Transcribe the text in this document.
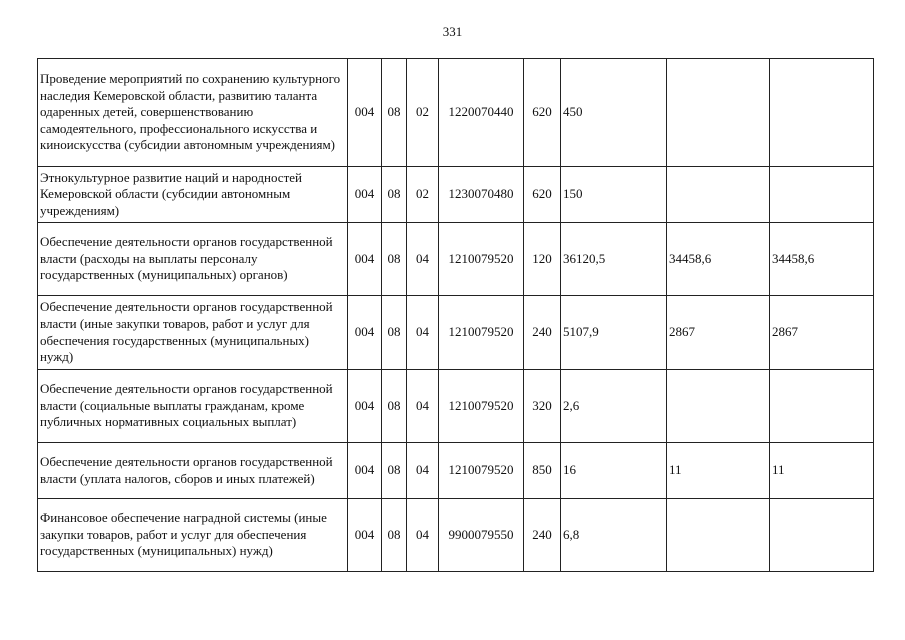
331
Проведение мероприятий по сохранению культурного наследия Кемеровской области, развитию таланта одаренных детей, совершенствованию самодеятельного, профессионального искусства и киноискусства (субсидии автономным учреждениям)	004	08	02	1220070440	620	450		
Этнокультурное развитие наций и народностей Кемеровской области (субсидии автономным учреждениям)	004	08	02	1230070480	620	150		
Обеспечение деятельности органов государственной власти (расходы на выплаты персоналу государственных (муниципальных) органов)	004	08	04	1210079520	120	36120,5	34458,6	34458,6
Обеспечение деятельности органов государственной власти (иные закупки товаров, работ и услуг для обеспечения государственных (муниципальных) нужд)	004	08	04	1210079520	240	5107,9	2867	2867
Обеспечение деятельности органов государственной власти (социальные выплаты гражданам, кроме публичных нормативных социальных выплат)	004	08	04	1210079520	320	2,6		
Обеспечение деятельности органов государственной власти (уплата налогов, сборов и иных платежей)	004	08	04	1210079520	850	16	11	11
Финансовое обеспечение наградной системы (иные закупки товаров, работ и услуг для обеспечения государственных (муниципальных) нужд)	004	08	04	9900079550	240	6,8		
